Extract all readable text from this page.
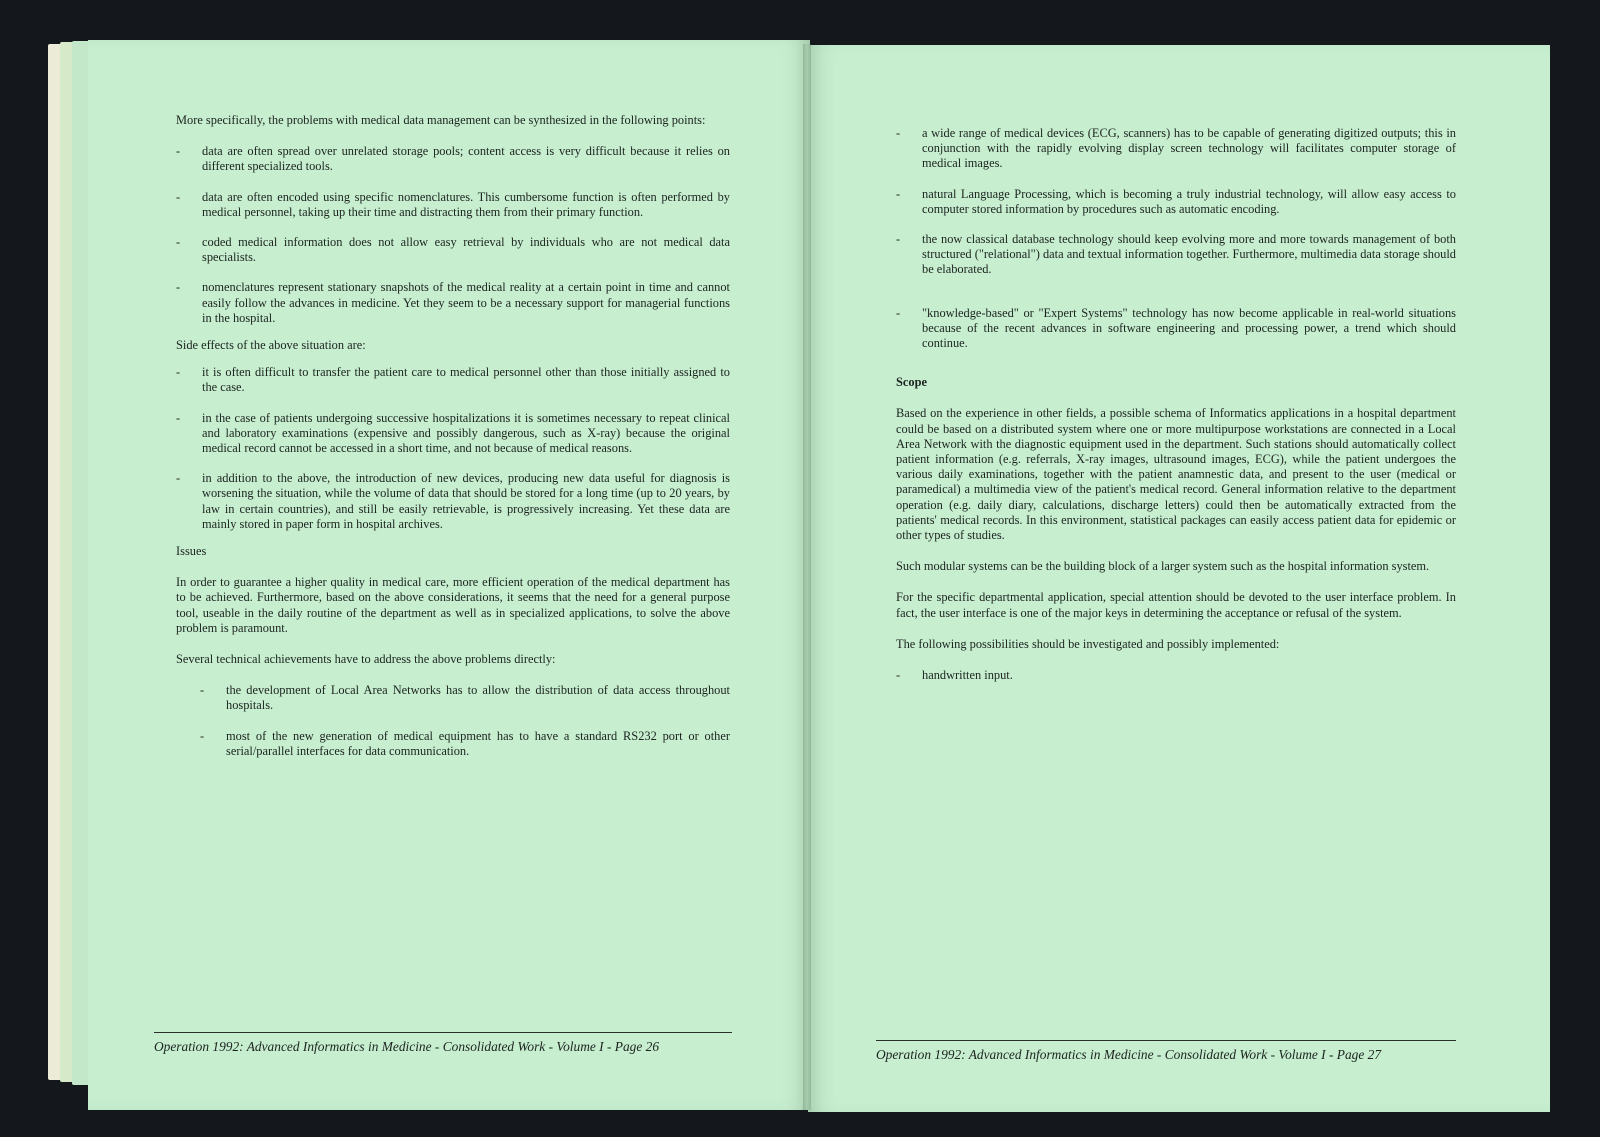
More specifically, the problems with medical data management can be synthesized in the following points:

-	data are often spread over unrelated storage pools; content access is very difficult because it relies on different specialized tools.
-	data are often encoded using specific nomenclatures. This cumbersome function is often performed by medical personnel, taking up their time and distracting them from their primary function.
-	coded medical information does not allow easy retrieval by individuals who are not medical data specialists.
-	nomenclatures represent stationary snapshots of the medical reality at a certain point in time and cannot easily follow the advances in medicine. Yet they seem to be a necessary support for managerial functions in the hospital.

Side effects of the above situation are:

-	it is often difficult to transfer the patient care to medical personnel other than those initially assigned to the case.
-	in the case of patients undergoing successive hospitalizations it is sometimes necessary to repeat clinical and laboratory examinations (expensive and possibly dangerous, such as X-ray) because the original medical record cannot be accessed in a short time, and not because of medical reasons.
-	in addition to the above, the introduction of new devices, producing new data useful for diagnosis is worsening the situation, while the volume of data that should be stored for a long time (up to 20 years, by law in certain countries), and still be easily retrievable, is progressively increasing. Yet these data are mainly stored in paper form in hospital archives.

Issues

In order to guarantee a higher quality in medical care, more efficient operation of the medical department has to be achieved. Furthermore, based on the above considerations, it seems that the need for a general purpose tool, useable in the daily routine of the department as well as in specialized applications, to solve the above problem is paramount.

Several technical achievements have to address the above problems directly:

-	the development of Local Area Networks has to allow the distribution of data access throughout hospitals.
-	most of the new generation of medical equipment has to have a standard RS232 port or other serial/parallel interfaces for data communication.
Operation 1992: Advanced Informatics in Medicine - Consolidated Work - Volume I - Page 26
-	a wide range of medical devices (ECG, scanners) has to be capable of generating digitized outputs; this in conjunction with the rapidly evolving display screen technology will facilitates computer storage of medical images.
-	natural Language Processing, which is becoming a truly industrial technology, will allow easy access to computer stored information by procedures such as automatic encoding.
-	the now classical database technology should keep evolving more and more towards management of both structured ("relational") data and textual information together. Furthermore, multimedia data storage should be elaborated.
-	"knowledge-based" or "Expert Systems" technology has now become applicable in real-world situations because of the recent advances in software engineering and processing power, a trend which should continue.

Scope

Based on the experience in other fields, a possible schema of Informatics applications in a hospital department could be based on a distributed system where one or more multipurpose workstations are connected in a Local Area Network with the diagnostic equipment used in the department. Such stations should automatically collect patient information (e.g. referrals, X-ray images, ultrasound images, ECG), while the patient undergoes the various daily examinations, together with the patient anamnestic data, and present to the user (medical or paramedical) a multimedia view of the patient's medical record. General information relative to the department operation (e.g. daily diary, calculations, discharge letters) could then be automatically extracted from the patients' medical records. In this environment, statistical packages can easily access patient data for epidemic or other types of studies.

Such modular systems can be the building block of a larger system such as the hospital information system.

For the specific departmental application, special attention should be devoted to the user interface problem. In fact, the user interface is one of the major keys in determining the acceptance or refusal of the system.

The following possibilities should be investigated and possibly implemented:

-	handwritten input.
Operation 1992: Advanced Informatics in Medicine - Consolidated Work - Volume I - Page 27
